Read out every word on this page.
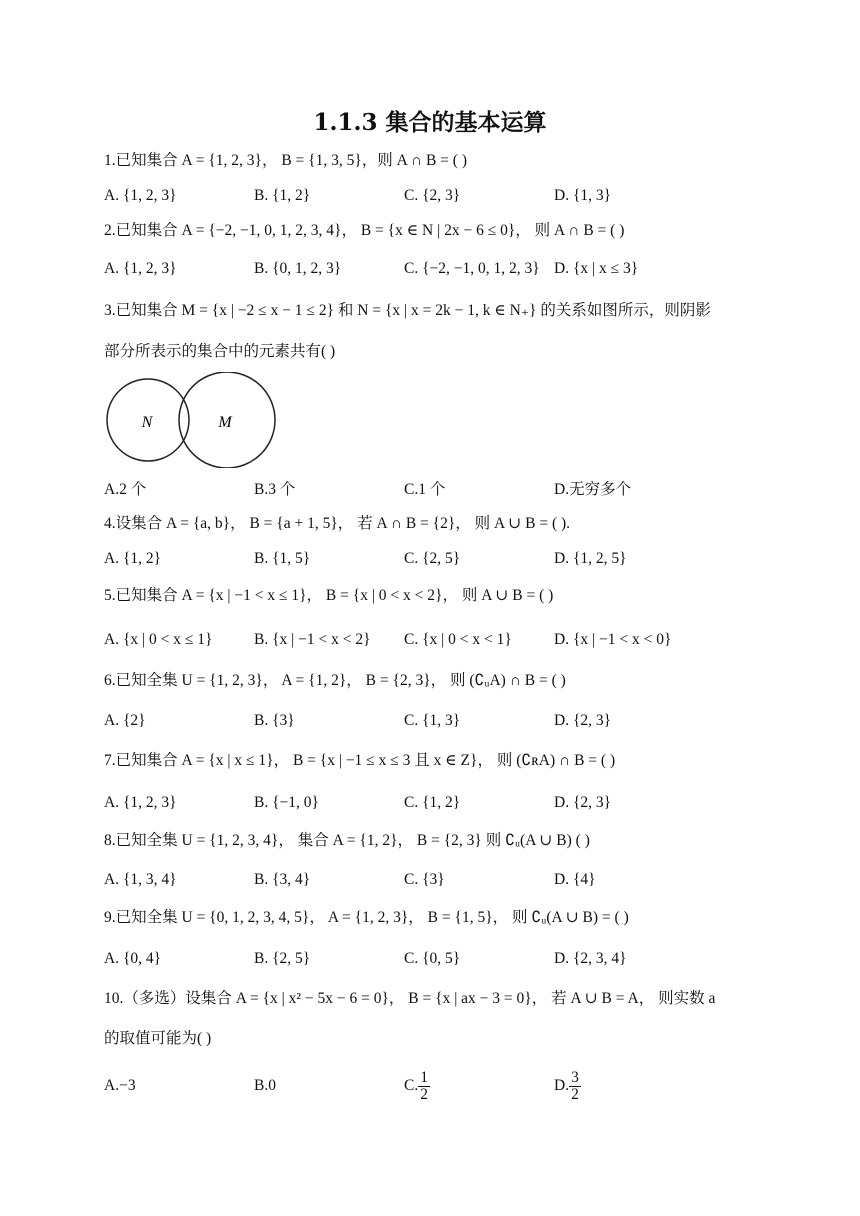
1.1.3 集合的基本运算
1.已知集合 A = {1, 2, 3}， B = {1, 3, 5}，则 A ∩ B = ( )
A. {1, 2, 3}	B. {1, 2}	C. {2, 3}	D. {1, 3}
2.已知集合 A = {−2, −1, 0, 1, 2, 3, 4}， B = {x ∈ N | 2x − 6 ≤ 0}， 则 A ∩ B = ( )
A. {1, 2, 3}	B. {0, 1, 2, 3}	C. {−2, −1, 0, 1, 2, 3} D. {x | x ≤ 3}
3.已知集合 M = {x | −2 ≤ x − 1 ≤ 2} 和 N = {x | x = 2k − 1, k ∈ N₊} 的关系如图所示，则阴影
部分所表示的集合中的元素共有( )
N	M
A.2 个	B.3 个	C.1 个	D.无穷多个
4.设集合 A = {a, b}， B = {a + 1, 5}， 若 A ∩ B = {2}， 则 A ∪ B = ( ).
A. {1, 2}	B. {1, 5}	C. {2, 5}	D. {1, 2, 5}
5.已知集合 A = {x | −1 < x ≤ 1}， B = {x | 0 < x < 2}， 则 A ∪ B = ( )
A. {x | 0 < x ≤ 1}	B. {x | −1 < x < 2} C. {x | 0 < x < 1}	D. {x | −1 < x < 0}
6.已知全集 U = {1, 2, 3}， A = {1, 2}， B = {2, 3}， 则 (∁ᵤA) ∩ B = ( )
A. {2}	B. {3}	C. {1, 3}	D. {2, 3}
7.已知集合 A = {x | x ≤ 1}， B = {x | −1 ≤ x ≤ 3 且 x ∈ Z}， 则 (∁ʀA) ∩ B = ( )
A. {1, 2, 3}	B. {−1, 0}	C. {1, 2}	D. {2, 3}
8.已知全集 U = {1, 2, 3, 4}， 集合 A = {1, 2}， B = {2, 3} 则 ∁ᵤ(A ∪ B) ( )
A. {1, 3, 4}	B. {3, 4}	C. {3}	D. {4}
9.已知全集 U = {0, 1, 2, 3, 4, 5}， A = {1, 2, 3}， B = {1, 5}， 则 ∁ᵤ(A ∪ B) = ( )
A. {0, 4}	B. {2, 5}	C. {0, 5}	D. {2, 3, 4}
10.（多选）设集合 A = {x | x² − 5x − 6 = 0}， B = {x | ax − 3 = 0}， 若 A ∪ B = A， 则实数 a
的取值可能为( )
A.−3	B.0	C. $\frac{1}{2}$	D. $\frac{3}{2}$
